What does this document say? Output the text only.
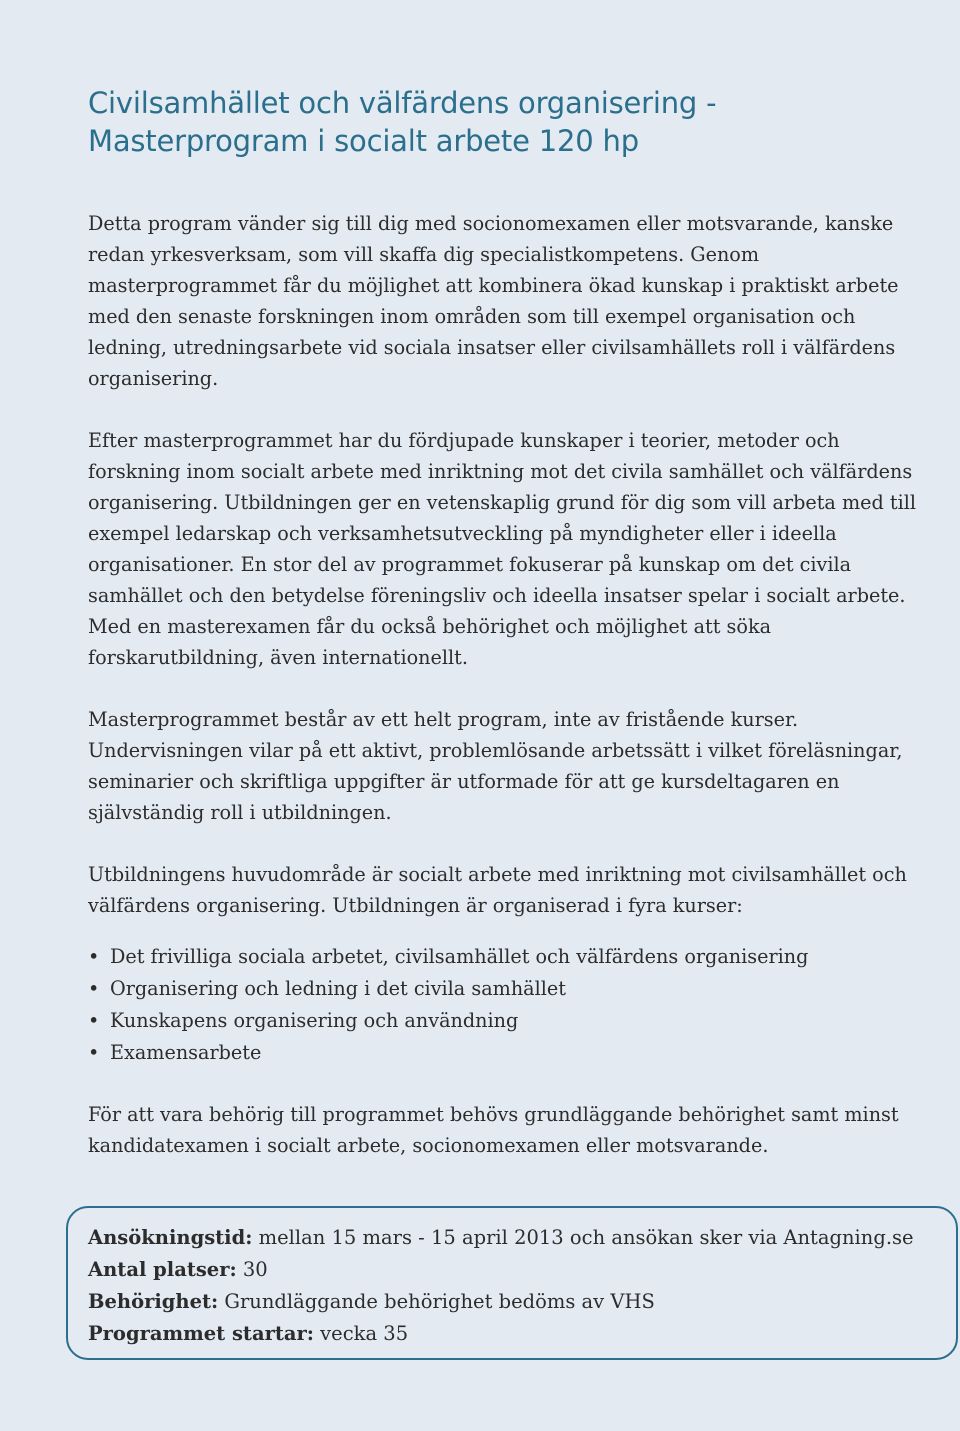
Civilsamhället och välfärdens organisering -
Masterprogram i socialt arbete 120 hp

Detta program vänder sig till dig med socionomexamen eller motsvarande, kanske redan yrkesverksam, som vill skaffa dig specialistkompetens. Genom masterprogrammet får du möjlighet att kombinera ökad kunskap i praktiskt arbete med den senaste forskningen inom områden som till exempel organisation och ledning, utredningsarbete vid sociala insatser eller civilsamhällets roll i välfärdens organisering.

Efter masterprogrammet har du fördjupade kunskaper i teorier, metoder och forskning inom socialt arbete med inriktning mot det civila samhället och välfärdens organisering. Utbildningen ger en vetenskaplig grund för dig som vill arbeta med till exempel ledarskap och verksamhetsutveckling på myndigheter eller i ideella organisationer. En stor del av programmet fokuserar på kunskap om det civila samhället och den betydelse föreningsliv och ideella insatser spelar i socialt arbete. Med en masterexamen får du också behörighet och möjlighet att söka forskarutbildning, även internationellt.

Masterprogrammet består av ett helt program, inte av fristående kurser. Undervisningen vilar på ett aktivt, problemlösande arbetssätt i vilket föreläsningar, seminarier och skriftliga uppgifter är utformade för att ge kursdeltagaren en självständig roll i utbildningen.

Utbildningens huvudområde är socialt arbete med inriktning mot civilsamhället och välfärdens organisering. Utbildningen är organiserad i fyra kurser:

• Det frivilliga sociala arbetet, civilsamhället och välfärdens organisering
• Organisering och ledning i det civila samhället
• Kunskapens organisering och användning
• Examensarbete

För att vara behörig till programmet behövs grundläggande behörighet samt minst kandidatexamen i socialt arbete, socionomexamen eller motsvarande.

Ansökningstid: mellan 15 mars - 15 april 2013 och ansökan sker via Antagning.se
Antal platser: 30
Behörighet: Grundläggande behörighet bedöms av VHS
Programmet startar: vecka 35
